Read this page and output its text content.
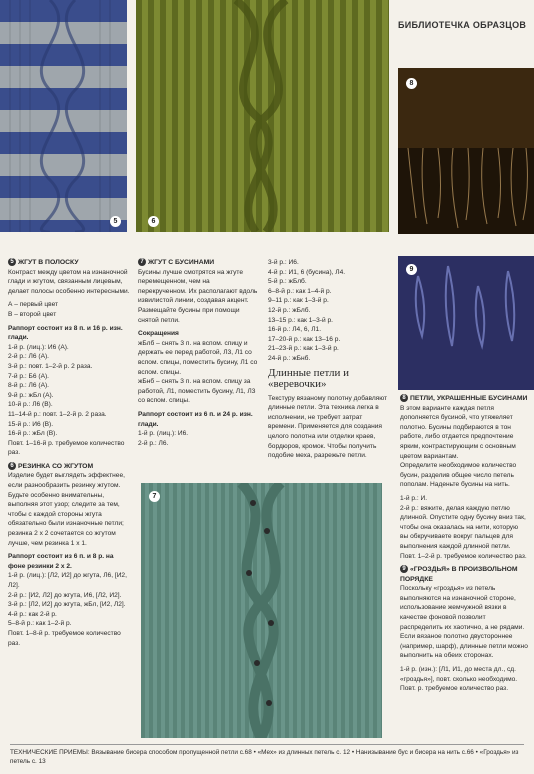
5	6
БИБЛИОТЕЧКА ОБРАЗЦОВ
8
9
7

5 ЖГУТ В ПОЛОСКУ

Контраст между цветом на изнаночной глади и жгутом, связанным лицевым, делает полосы особенно интересными.

А – первый цвет

В – второй цвет

Раппорт состоит из 8 п. и 16 р. изн. глади.

1-й р. (лиц.): И6 (А).

2-й р.: Л6 (А).

3-й р.: повт. 1–2-й р. 2 раза.

7-й р.: Б6 (А).

8-й р.: Л6 (А).

9-й р.: жБл (А).

10-й р.: Л6 (В).

11–14-й р.: повт. 1–2-й р. 2 раза.

15-й р.: И6 (В).

16-й р.: жБл (В).

Повт. 1–16-й р. требуемое количество раз.

6 РЕЗИНКА СО ЖГУТОМ

Изделие будет выглядеть эффектнее, если разнообразить резинку жгутом. Будьте особенно внимательны, выполняя этот узор; следите за тем, чтобы с каждой стороны жгута обязательно были изнаночные петли; резинка 2 x 2 сочетается со жгутом лучше, чем резинка 1 x 1.

Раппорт состоит из 6 п. и 8 р. на фоне резинки 2 x 2.

1-й р. (лиц.): [Л2, И2] до жгута, Л6, [И2, Л2].

2-й р.: [И2, Л2] до жгута, И6, [Л2, И2].

3-й р.: [Л2, И2] до жгута, жБл, [И2, Л2].

4-й р.: как 2-й р.

5–8-й р.: как 1–2-й р.

Повт. 1–8-й р. требуемое количество раз.

7 ЖГУТ С БУСИНАМИ

Бусины лучше смотрятся на жгуте перемещенном, чем на перекрученном. Их располагают вдоль извилистой линии, создавая акцент. Размещайте бусины при помощи снятой петли.

Сокращения

жБлб – снять 3 п. на вспом. спицу и держать ее перед работой, Л3, Л1 со вспом. спицы, поместить бусину, Л1 со вспом. спицы.

жБнб – снять 3 п. на вспом. спицу за работой, Л1, поместить бусину, Л1, Л3 со вспом. спицы.

Раппорт состоит из 6 п. и 24 р. изн. глади.

1-й р. (лиц.): И6.

2-й р.: Л6.

3-й р.: И6.

4-й р.: И1, 6 (бусина), Л4.

5-й р.: жБлб.

6–8-й р.: как 1–4-й р.

9–11 р.: как 1–3-й р.

12-й р.: жБлб.

13–15 р.: как 1–3-й р.

16-й р.: Л4, 6, Л1.

17–20-й р.: как 13–16 р.

21–23-й р.: как 1–3-й р.

24-й р.: жБнб.

Длинные петли и «веревочки»

Текстуру вязаному полотну добавляют длинные петли. Эта техника легка в исполнении, не требует затрат времени. Применяется для создания целого полотна или отделки краев, бордюров, кромок. Чтобы получить подобие меха, разрежьте петли.

8 ПЕТЛИ, УКРАШЕННЫЕ БУСИНАМИ

В этом варианте каждая петля дополняется бусиной, что утяжеляет полотно. Бусины подбираются в тон работе, либо отдается предпочтение ярким, контрастирующим с основным цветом вариантам.

Определите необходимое количество бусин, разделив общее число петель пополам. Наденьте бусины на нить.

1-й р.: И.

2-й р.: вяжите, делая каждую петлю длинной. Опустите одну бусину вниз так, чтобы она оказалась на нити, которую вы обкручиваете вокруг пальцев для выполнения каждой длинной петли.

Повт. 1–2-й р. требуемое количество раз.

9 «ГРОЗДЬЯ» В ПРОИЗВОЛЬНОМ ПОРЯДКЕ

Поскольку «гроздья» из петель выполняются на изнаночной стороне, использование жемчужной вязки в качестве фоновой позволит распределить их хаотично, а не рядами. Если вязаное полотно двустороннее (например, шарф), длинные петли можно выполнить на обеих сторонах.

1-й р. (изн.): [Л1, И1, до места дл., сд. «гроздья»], повт. сколько необходимо.

Повт. р. требуемое количество раз.

ТЕХНИЧЕСКИЕ ПРИЕМЫ: Вязывание бисера способом пропущенной петли с.68 • «Мех» из длинных петель с. 12 • Нанизывание бус и бисера на нить с.66 • «Гроздья» из петель с. 13
